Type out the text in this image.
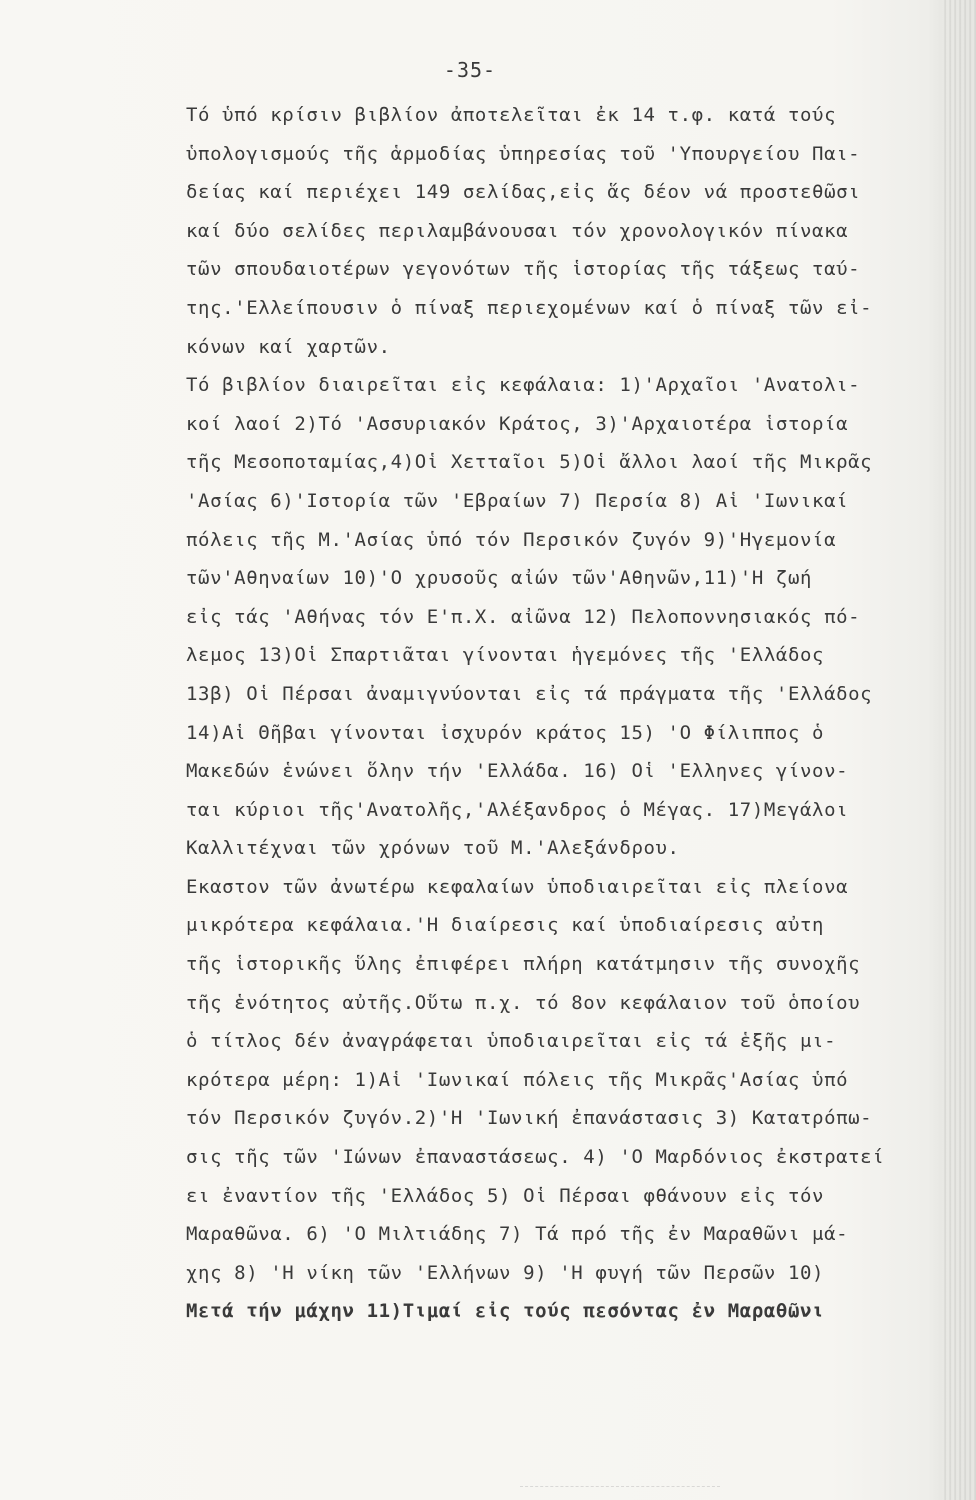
-35-
Τό ὑπό κρίσιν βιβλίον ἀποτελεῖται ἐκ 14 τ.φ. κατά τούς
ὑπολογισμούς τῆς ἁρμοδίας ὑπηρεσίας τοῦ 'Υπουργείου Παι-
δείας καί περιέχει 149 σελίδας,εἰς ἅς δέον νά προστεθῶσι
καί δύο σελίδες περιλαμβάνουσαι τόν χρονολογικόν πίνακα
τῶν σπουδαιοτέρων γεγονότων τῆς ἱστορίας τῆς τάξεως ταύ-
της.'Ελλείπουσιν ὁ πίναξ περιεχομένων καί ὁ πίναξ τῶν εἰ-
κόνων καί χαρτῶν.
Τό βιβλίον διαιρεῖται εἰς κεφάλαια: 1)'Αρχαῖοι 'Ανατολι-
κοί λαοί 2)Τό 'Ασσυριακόν Κράτος, 3)'Αρχαιοτέρα ἱστορία
τῆς Μεσοποταμίας,4)Οἱ Χετταῖοι 5)Οἱ ἄλλοι λαοί τῆς Μικρᾶς
'Ασίας 6)'Ιστορία τῶν 'Εβραίων 7) Περσία 8) Αἱ 'Ιωνικαί
πόλεις τῆς Μ.'Ασίας ὑπό τόν Περσικόν ζυγόν 9)'Ηγεμονία
τῶν'Αθηναίων 10)'Ο χρυσοῦς αἰών τῶν'Αθηνῶν,11)'Η ζωή
εἰς τάς 'Αθήνας τόν Ε'π.Χ. αἰῶνα 12) Πελοποννησιακός πό-
λεμος 13)Οἱ Σπαρτιᾶται γίνονται ἡγεμόνες τῆς 'Ελλάδος
13β) Οἱ Πέρσαι ἀναμιγνύονται εἰς τά πράγματα τῆς 'Ελλάδος
14)Αἱ Θῆβαι γίνονται ἰσχυρόν κράτος 15) 'Ο Φίλιππος ὁ
Μακεδών ἑνώνει ὅλην τήν 'Ελλάδα. 16) Οἱ 'Ελληνες γίνον-
ται κύριοι τῆς'Ανατολῆς,'Αλέξανδρος ὁ Μέγας. 17)Μεγάλοι
Καλλιτέχναι τῶν χρόνων τοῦ Μ.'Αλεξάνδρου.
Εκαστον τῶν ἀνωτέρω κεφαλαίων ὑποδιαιρεῖται εἰς πλείονα
μικρότερα κεφάλαια.'Η διαίρεσις καί ὑποδιαίρεσις αὐτη
τῆς ἱστορικῆς ὕλης ἐπιφέρει πλήρη κατάτμησιν τῆς συνοχῆς
τῆς ἑνότητος αὐτῆς.Οὕτω π.χ. τό 8ον κεφάλαιον τοῦ ὁποίου
ὁ τίτλος δέν ἀναγράφεται ὑποδιαιρεῖται εἰς τά ἑξῆς μι-
κρότερα μέρη: 1)Αἱ 'Ιωνικαί πόλεις τῆς Μικρᾶς'Ασίας ὑπό
τόν Περσικόν ζυγόν.2)'Η 'Ιωνική ἐπανάστασις 3) Κατατρόπω-
σις τῆς τῶν 'Ιώνων ἐπαναστάσεως. 4) 'Ο Μαρδόνιος ἐκστρατεί
ει ἐναντίον τῆς 'Ελλάδος 5) Οἱ Πέρσαι φθάνουν εἰς τόν
Μαραθῶνα. 6) 'Ο Μιλτιάδης 7) Τά πρό τῆς ἐν Μαραθῶνι μά-
χης 8) 'Η νίκη τῶν 'Ελλήνων 9) 'Η φυγή τῶν Περσῶν 10)
Μετά τήν μάχην 11)Τιμαί εἰς τούς πεσόντας ἐν Μαραθῶνι
